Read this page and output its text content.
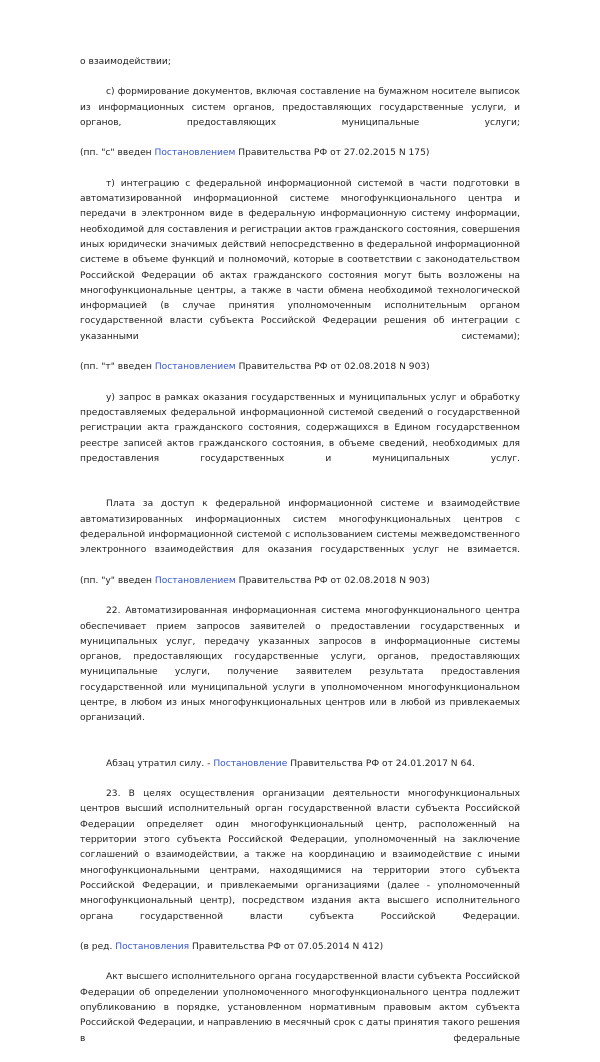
о взаимодействии;

с) формирование документов, включая составление на бумажном носителе выписок из информационных систем органов, предоставляющих государственные услуги, и органов, предоставляющих муниципальные услуги;

(пп. "с" введен Постановлением Правительства РФ от 27.02.2015 N 175)

т) интеграцию с федеральной информационной системой в части подготовки в автоматизированной информационной системе многофункционального центра и передачи в электронном виде в федеральную информационную систему информации, необходимой для составления и регистрации актов гражданского состояния, совершения иных юридически значимых действий непосредственно в федеральной информационной системе в объеме функций и полномочий, которые в соответствии с законодательством Российской Федерации об актах гражданского состояния могут быть возложены на многофункциональные центры, а также в части обмена необходимой технологической информацией (в случае принятия уполномоченным исполнительным органом государственной власти субъекта Российской Федерации решения об интеграции с указанными системами);

(пп. "т" введен Постановлением Правительства РФ от 02.08.2018 N 903)

у) запрос в рамках оказания государственных и муниципальных услуг и обработку предоставляемых федеральной информационной системой сведений о государственной регистрации акта гражданского состояния, содержащихся в Едином государственном реестре записей актов гражданского состояния, в объеме сведений, необходимых для предоставления государственных и муниципальных услуг.

Плата за доступ к федеральной информационной системе и взаимодействие автоматизированных информационных систем многофункциональных центров с федеральной информационной системой с использованием системы межведомственного электронного взаимодействия для оказания государственных услуг не взимается.

(пп. "у" введен Постановлением Правительства РФ от 02.08.2018 N 903)

22. Автоматизированная информационная система многофункционального центра обеспечивает прием запросов заявителей о предоставлении государственных и муниципальных услуг, передачу указанных запросов в информационные системы органов, предоставляющих государственные услуги, органов, предоставляющих муниципальные услуги, получение заявителем результата предоставления государственной или муниципальной услуги в уполномоченном многофункциональном центре, в любом из иных многофункциональных центров или в любой из привлекаемых организаций.

Абзац утратил силу. - Постановление Правительства РФ от 24.01.2017 N 64.

23. В целях осуществления организации деятельности многофункциональных центров высший исполнительный орган государственной власти субъекта Российской Федерации определяет один многофункциональный центр, расположенный на территории этого субъекта Российской Федерации, уполномоченный на заключение соглашений о взаимодействии, а также на координацию и взаимодействие с иными многофункциональными центрами, находящимися на территории этого субъекта Российской Федерации, и привлекаемыми организациями (далее - уполномоченный многофункциональный центр), посредством издания акта высшего исполнительного органа государственной власти субъекта Российской Федерации.

(в ред. Постановления Правительства РФ от 07.05.2014 N 412)

Акт высшего исполнительного органа государственной власти субъекта Российской Федерации об определении уполномоченного многофункционального центра подлежит опубликованию в порядке, установленном нормативным правовым актом субъекта Российской Федерации, и направлению в месячный срок с даты принятия такого решения в федеральные
